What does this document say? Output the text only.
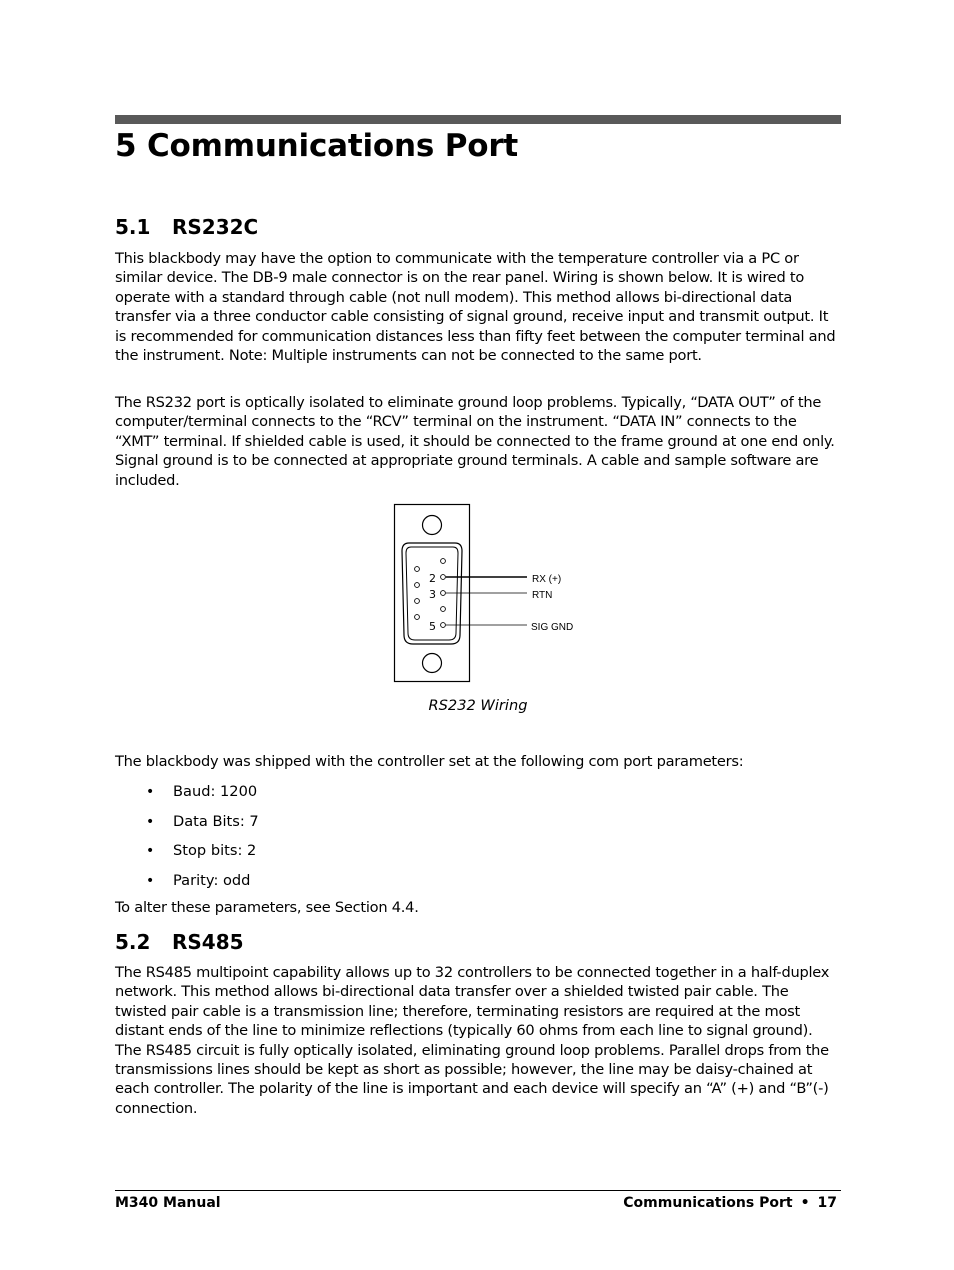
5 Communications Port
5.1 RS232C

This blackbody may have the option to communicate with the temperature controller via a PC or similar device. The DB-9 male connector is on the rear panel. Wiring is shown below. It is wired to operate with a standard through cable (not null modem). This method allows bi-directional data transfer via a three conductor cable consisting of signal ground, receive input and transmit output. It is recommended for communication distances less than fifty feet between the computer terminal and the instrument. Note: Multiple instruments can not be connected to the same port.

The RS232 port is optically isolated to eliminate ground loop problems. Typically, “DATA OUT” of the computer/terminal connects to the “RCV” terminal on the instrument. “DATA IN” connects to the “XMT” terminal. If shielded cable is used, it should be connected to the frame ground at one end only. Signal ground is to be connected at appropriate ground terminals. A cable and sample software are included.

2
3
5
RX (+)
RTN
SIG GND
RS232 Wiring

The blackbody was shipped with the controller set at the following com port parameters:

• Baud: 1200
• Data Bits: 7
• Stop bits: 2
• Parity: odd

To alter these parameters, see Section 4.4.

5.2 RS485

The RS485 multipoint capability allows up to 32 controllers to be connected together in a half-duplex network. This method allows bi-directional data transfer over a shielded twisted pair cable. The twisted pair cable is a transmission line; therefore, terminating resistors are required at the most distant ends of the line to minimize reflections (typically 60 ohms from each line to signal ground). The RS485 circuit is fully optically isolated, eliminating ground loop problems. Parallel drops from the transmissions lines should be kept as short as possible; however, the line may be daisy-chained at each controller. The polarity of the line is important and each device will specify an “A” (+) and “B”(-) connection.

M340 Manual	Communications Port • 17
